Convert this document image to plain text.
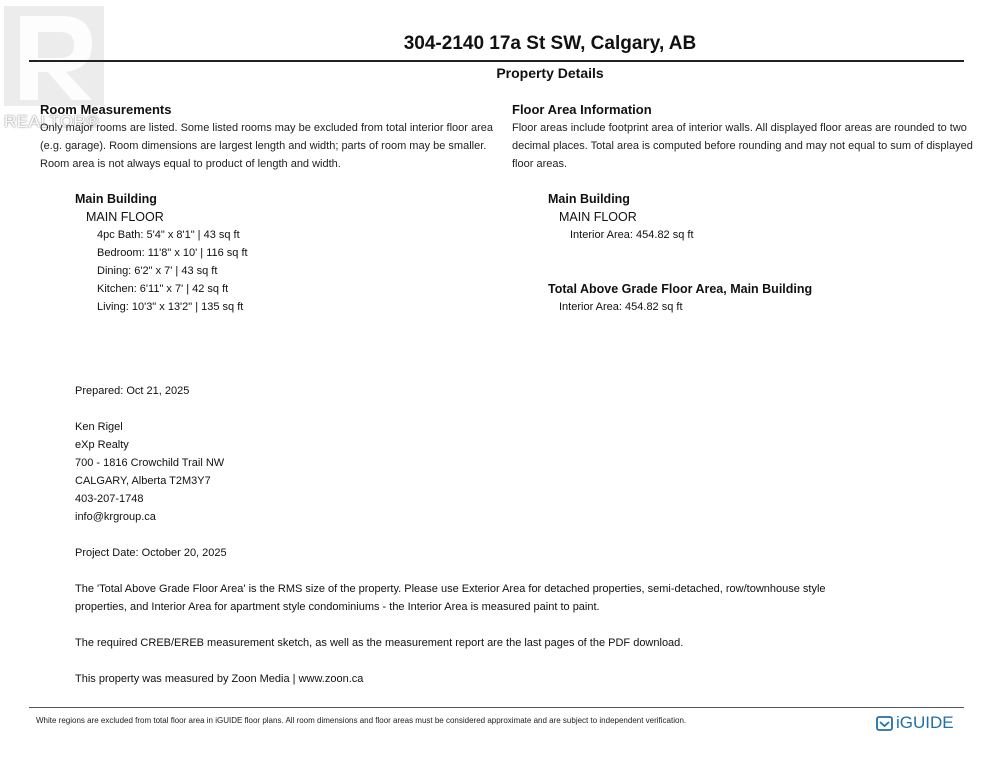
REALTOR®
304-2140 17a St SW, Calgary, AB
Property Details
Room Measurements
Only major rooms are listed. Some listed rooms may be excluded from total interior floor area
(e.g. garage). Room dimensions are largest length and width; parts of room may be smaller.
Room area is not always equal to product of length and width.
Main Building
MAIN FLOOR
4pc Bath: 5'4" x 8'1" | 43 sq ft
Bedroom: 11'8" x 10' | 116 sq ft
Dining: 6'2" x 7' | 43 sq ft
Kitchen: 6'11" x 7' | 42 sq ft
Living: 10'3" x 13'2" | 135 sq ft
Floor Area Information
Floor areas include footprint area of interior walls. All displayed floor areas are rounded to two
decimal places. Total area is computed before rounding and may not equal to sum of displayed
floor areas.
Main Building
MAIN FLOOR
Interior Area: 454.82 sq ft
Total Above Grade Floor Area, Main Building
Interior Area: 454.82 sq ft
Prepared: Oct 21, 2025
Ken Rigel
eXp Realty
700 - 1816 Crowchild Trail NW
CALGARY, Alberta T2M3Y7
403-207-1748
info@krgroup.ca
Project Date: October 20, 2025
The 'Total Above Grade Floor Area' is the RMS size of the property. Please use Exterior Area for detached properties, semi-detached, row/townhouse style
properties, and Interior Area for apartment style condominiums - the Interior Area is measured paint to paint.
The required CREB/EREB measurement sketch, as well as the measurement report are the last pages of the PDF download.
This property was measured by Zoon Media | www.zoon.ca
White regions are excluded from total floor area in iGUIDE floor plans. All room dimensions and floor areas must be considered approximate and are subject to independent verification.	iGUIDE
